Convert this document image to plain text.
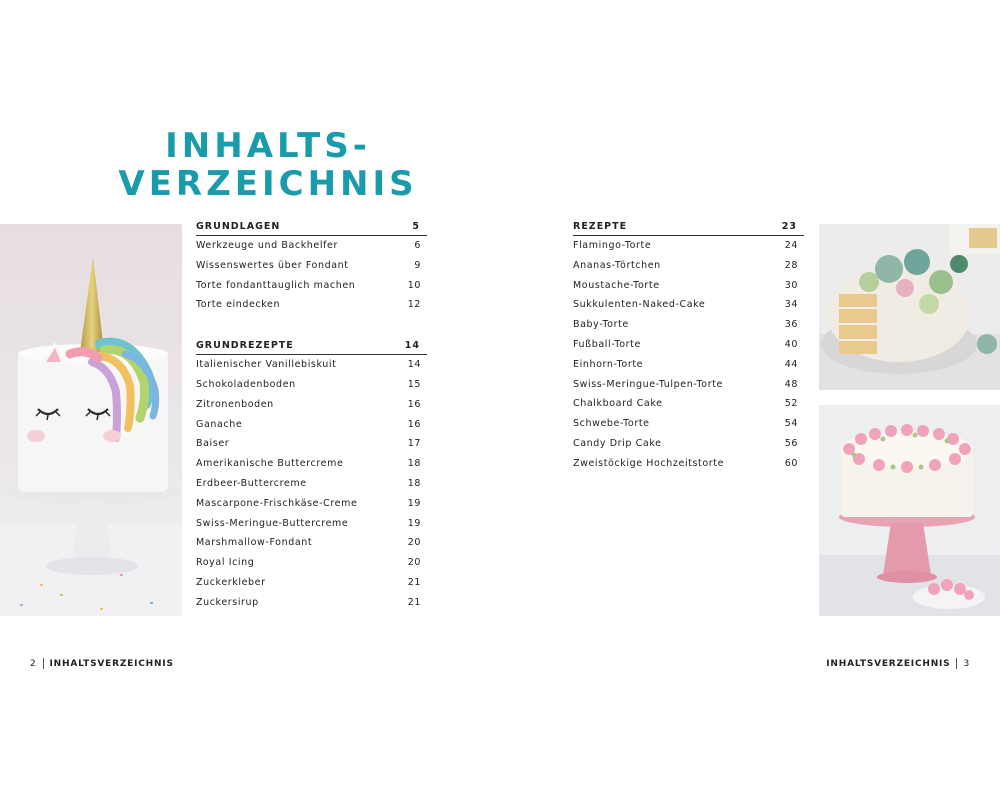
INHALTS-
VERZEICHNIS
GRUNDLAGEN	5
Werkzeuge und Backhelfer	6
Wissenswertes über Fondant	9
Torte fondanttauglich machen	10
Torte eindecken	12
GRUNDREZEPTE	14
Italienischer Vanillebiskuit	14
Schokoladenboden	15
Zitronenboden	16
Ganache	16
Baiser	17
Amerikanische Buttercreme	18
Erdbeer-Buttercreme	18
Mascarpone-Frischkäse-Creme	19
Swiss-Meringue-Buttercreme	19
Marshmallow-Fondant	20
Royal Icing	20
Zuckerkleber	21
Zuckersirup	21
REZEPTE	23
Flamingo-Torte	24
Ananas-Törtchen	28
Moustache-Torte	30
Sukkulenten-Naked-Cake	34
Baby-Torte	36
Fußball-Torte	40
Einhorn-Torte	44
Swiss-Meringue-Tulpen-Torte	48
Chalkboard Cake	52
Schwebe-Torte	54
Candy Drip Cake	56
Zweistöckige Hochzeitstorte	60
2 INHALTSVERZEICHNIS	INHALTSVERZEICHNIS 3
